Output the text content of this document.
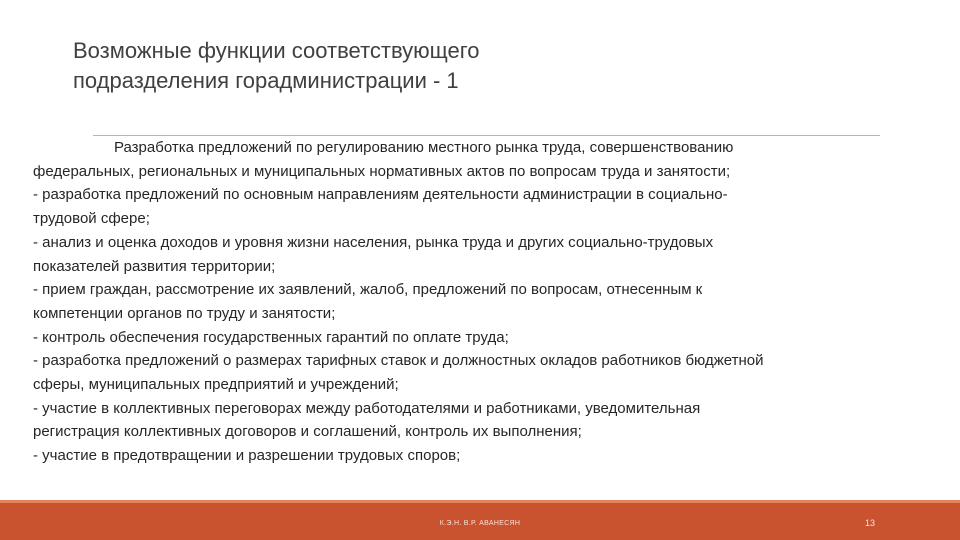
Возможные функции соответствующего
подразделения горадминистрации - 1
Разработка предложений по регулированию местного рынка труда, совершенствованию
федеральных, региональных и муниципальных нормативных актов по вопросам труда и занятости;
- разработка предложений по основным направлениям деятельности администрации в социально-
трудовой сфере;
- анализ и оценка доходов и уровня жизни населения, рынка труда и других социально-трудовых
показателей развития территории;
- прием граждан, рассмотрение их заявлений, жалоб, предложений по вопросам, отнесенным к
компетенции органов по труду и занятости;
- контроль обеспечения государственных гарантий по оплате труда;
- разработка предложений о размерах тарифных ставок и должностных окладов работников бюджетной
сферы, муниципальных предприятий и учреждений;
- участие в коллективных переговорах между работодателями и работниками, уведомительная
регистрация коллективных договоров и соглашений, контроль их выполнения;
- участие в предотвращении и разрешении трудовых споров;
К.Э.Н. В.Р. АВАНЕСЯН	13
